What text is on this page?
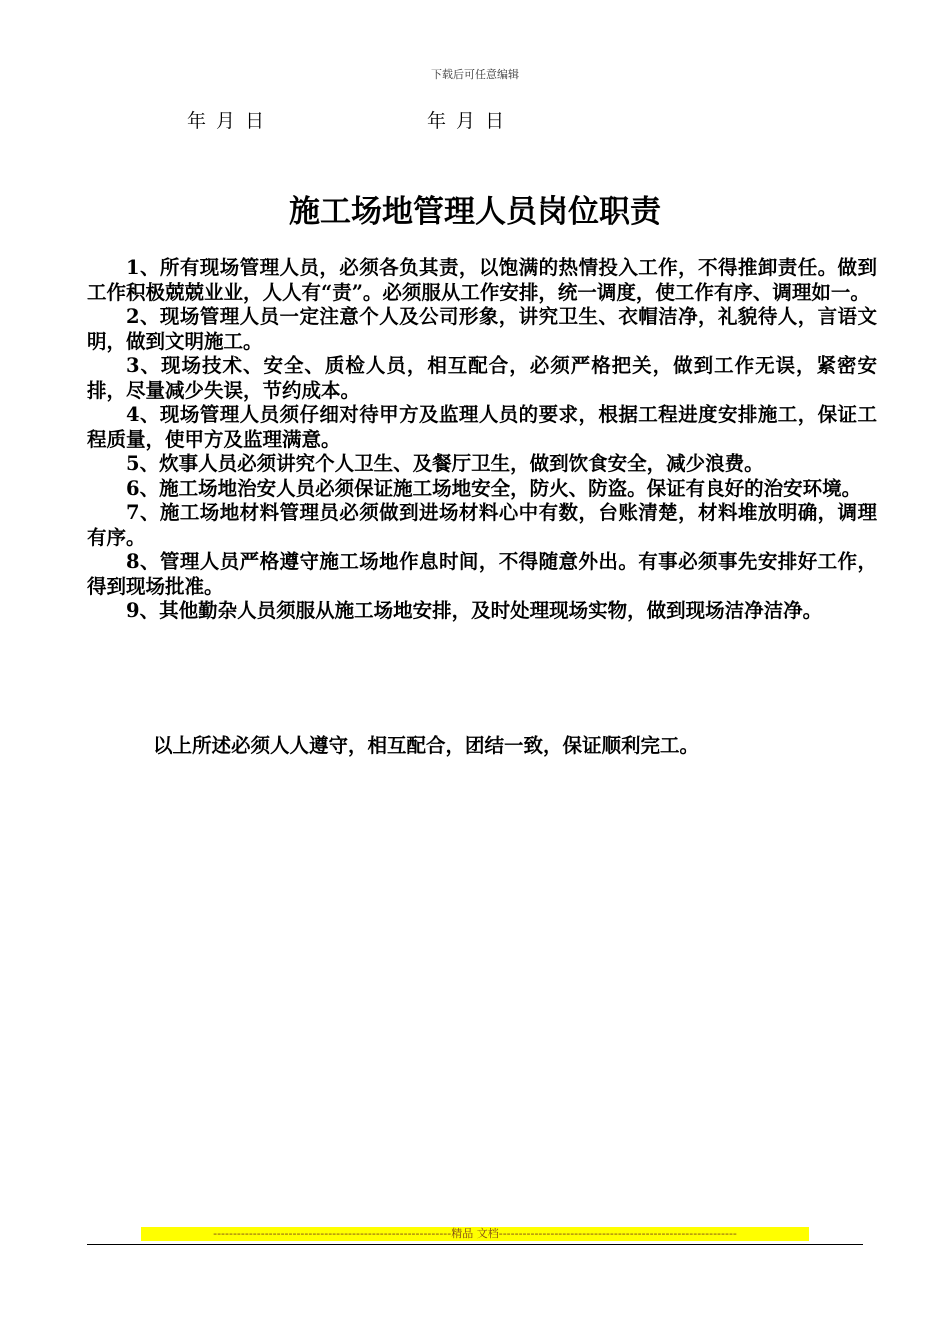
下载后可任意编辑
年 月 日	年 月 日
施工场地管理人员岗位职责

1、所有现场管理人员，必须各负其责，以饱满的热情投入工作，不得推卸责任。做到工作积极兢兢业业，人人有“责”。必须服从工作安排，统一调度，使工作有序、调理如一。

2、现场管理人员一定注意个人及公司形象，讲究卫生、衣帽洁净，礼貌待人，言语文明，做到文明施工。

3、现场技术、安全、质检人员，相互配合，必须严格把关，做到工作无误，紧密安排，尽量减少失误，节约成本。

4、现场管理人员须仔细对待甲方及监理人员的要求，根据工程进度安排施工，保证工程质量，使甲方及监理满意。

5、炊事人员必须讲究个人卫生、及餐厅卫生，做到饮食安全，减少浪费。

6、施工场地治安人员必须保证施工场地安全，防火、防盗。保证有良好的治安环境。

7、施工场地材料管理员必须做到进场材料心中有数，台账清楚，材料堆放明确，调理有序。

8、管理人员严格遵守施工场地作息时间，不得随意外出。有事必须事先安排好工作，得到现场批准。

9、其他勤杂人员须服从施工场地安排，及时处理现场实物，做到现场洁净洁净。

以上所述必须人人遵守，相互配合，团结一致，保证顺利完工。
------------------------------------------------------------精品 文档------------------------------------------------------------
